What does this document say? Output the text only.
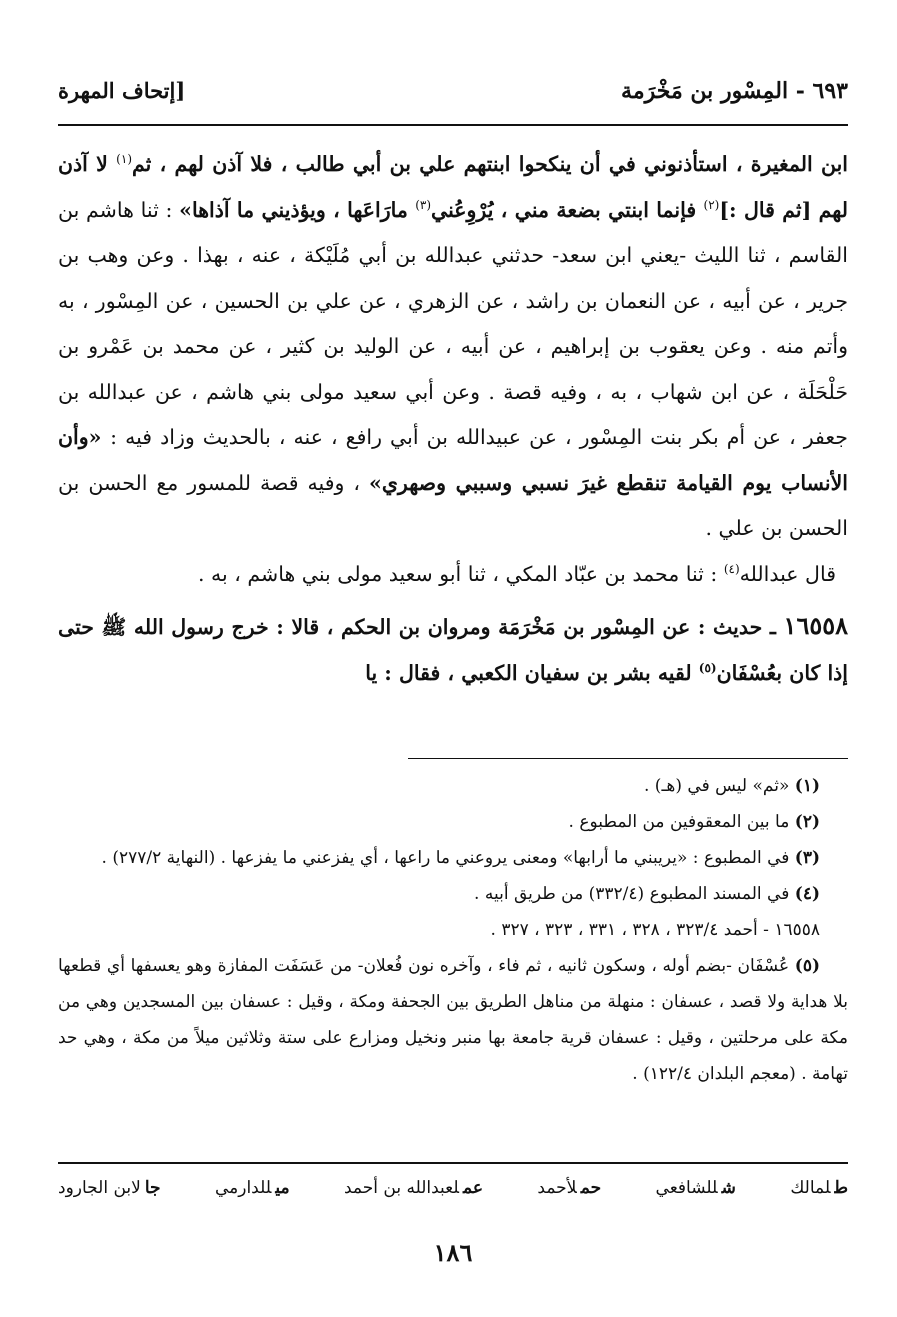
٦٩٣ - المِسْور بن مَخْرَمة
[إتحاف المهرة

ابن المغيرة ، استأذنوني في أن ينكحوا ابنتهم علي بن أبي طالب ، فلا آذن لهم ، ثم$^{(١)}$ لا آذن لهم [ثم قال :]$^{(٢)}$ فإنما ابنتي بضعة مني ، يُرْوِعُني$^{(٣)}$ مارَاعَها ، ويؤذيني ما آذاها» : ثنا هاشم بن القاسم ، ثنا الليث -يعني ابن سعد- حدثني عبدالله بن أبي مُلَيْكة ، عنه ، بهذا . وعن وهب بن جرير ، عن أبيه ، عن النعمان بن راشد ، عن الزهري ، عن علي بن الحسين ، عن المِسْور ، به وأتم منه . وعن يعقوب بن إبراهيم ، عن أبيه ، عن الوليد بن كثير ، عن محمد بن عَمْرو بن حَلْحَلَة ، عن ابن شهاب ، به ، وفيه قصة . وعن أبي سعيد مولى بني هاشم ، عن عبدالله بن جعفر ، عن أم بكر بنت المِسْور ، عن عبيدالله بن أبي رافع ، عنه ، بالحديث وزاد فيه : «وأن الأنساب يوم القيامة تنقطع غيرَ نسبي وسببي وصهري» ، وفيه قصة للمسور مع الحسن بن الحسن بن علي .

قال عبدالله$^{(٤)}$ : ثنا محمد بن عبّاد المكي ، ثنا أبو سعيد مولى بني هاشم ، به .

١٦٥٥٨ ـ حديث : عن المِسْور بن مَخْرَمَة ومروان بن الحكم ، قالا : خرج رسول الله ﷺ حتى إذا كان بعُسْفَان$^{(٥)}$ لقيه بشر بن سفيان الكعبي ، فقال : يا

(١) «ثم» ليس في (هـ) .

(٢) ما بين المعقوفين من المطبوع .

(٣) في المطبوع : «يريبني ما أرابها» ومعنى يروعني ما راعها ، أي يفزعني ما يفزعها . (النهاية ٢٧٧/٢) .

(٤) في المسند المطبوع (٣٣٢/٤) من طريق أبيه .

١٦٥٥٨ - أحمد ٣٢٣/٤ ، ٣٢٨ ، ٣٣١ ، ٣٢٣ ، ٣٢٧ .

(٥) عُسْفَان -بضم أوله ، وسكون ثانيه ، ثم فاء ، وآخره نون فُعلان- من عَسَفَت المفازة وهو يعسفها أي قطعها بلا هداية ولا قصد ، عسفان : منهلة من مناهل الطريق بين الجحفة ومكة ، وقيل : عسفان بين المسجدين وهي من مكة على مرحلتين ، وقيل : عسفان قرية جامعة بها منبر ونخيل ومزارع على ستة وثلاثين ميلاً من مكة ، وهي حد تهامة . (معجم البلدان ١٢٢/٤) .

طلمالك
شللشافعي
حملأحمد
عملعبدالله بن أحمد
ميللدارمي
جالابن الجارود
١٨٦
